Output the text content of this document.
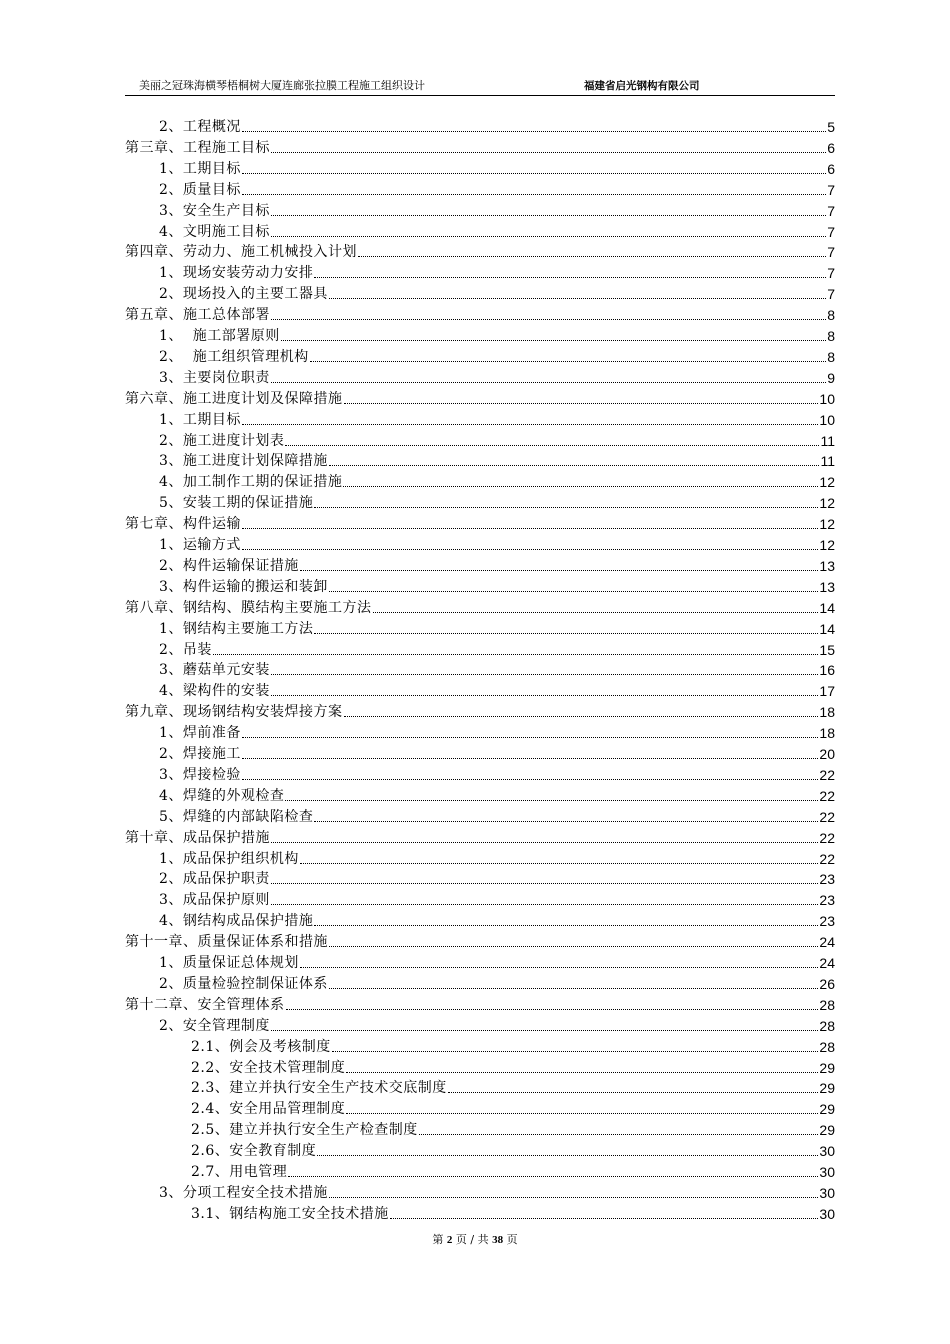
美丽之冠珠海横琴梧桐树大厦连廊张拉膜工程施工组织设计	福建省启光钢构有限公司
2、工程概况	5
第三章、工程施工目标	6
1、工期目标	6
2、质量目标	7
3、安全生产目标	7
4、文明施工目标	7
第四章、劳动力、施工机械投入计划	7
1、现场安装劳动力安排	7
2、现场投入的主要工器具	7
第五章、施工总体部署	8
1、  施工部署原则	8
2、  施工组织管理机构	8
3、主要岗位职责	9
第六章、施工进度计划及保障措施	10
1、工期目标	10
2、施工进度计划表	11
3、施工进度计划保障措施	11
4、加工制作工期的保证措施	12
5、安装工期的保证措施	12
第七章、构件运输	12
1、运输方式	12
2、构件运输保证措施	13
3、构件运输的搬运和装卸	13
第八章、钢结构、膜结构主要施工方法	14
1、钢结构主要施工方法	14
2、吊装	15
3、蘑菇单元安装	16
4、梁构件的安装	17
第九章、现场钢结构安装焊接方案	18
1、焊前准备	18
2、焊接施工	20
3、焊接检验	22
4、焊缝的外观检查	22
5、焊缝的内部缺陷检查	22
第十章、成品保护措施	22
1、成品保护组织机构	22
2、成品保护职责	23
3、成品保护原则	23
4、钢结构成品保护措施	23
第十一章、质量保证体系和措施	24
1、质量保证总体规划	24
2、质量检验控制保证体系	26
第十二章、安全管理体系	28
2、安全管理制度	28
2.1、例会及考核制度	28
2.2、安全技术管理制度	29
2.3、建立并执行安全生产技术交底制度	29
2.4、安全用品管理制度	29
2.5、建立并执行安全生产检查制度	29
2.6、安全教育制度	30
2.7、用电管理	30
3、分项工程安全技术措施	30
3.1、钢结构施工安全技术措施	30
第 2 页 / 共 38 页
